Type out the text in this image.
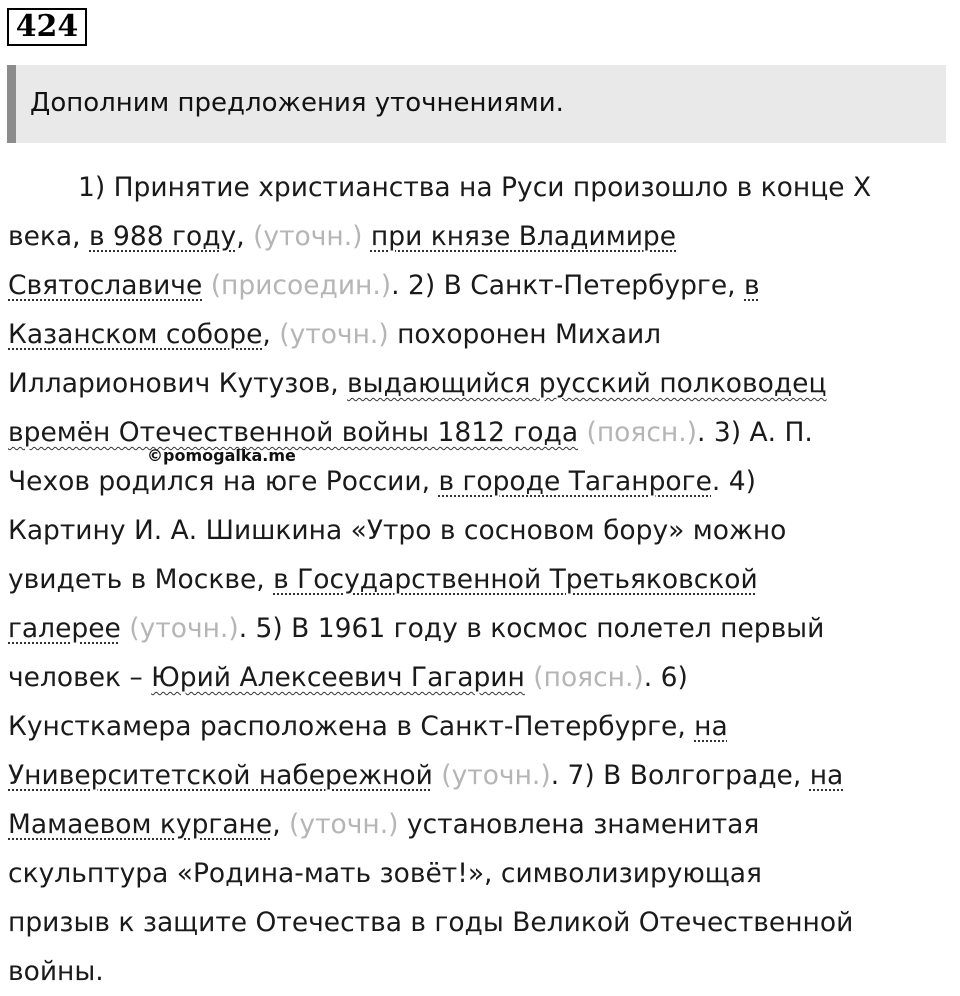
424
Дополним предложения уточнениями.
1) Принятие христианства на Руси произошло в конце X
века, в 988 году, (уточн.) при князе Владимире
Святославиче (присоедин.). 2) В Санкт-Петербурге, в
Казанском соборе, (уточн.) похоронен Михаил
Илларионович Кутузов, выдающийся русский полководец
времён Отечественной войны 1812 года (поясн.). 3) А. П.
Чехов родился на юге России, в городе Таганроге. 4)
Картину И. А. Шишкина «Утро в сосновом бору» можно
увидеть в Москве, в Государственной Третьяковской
галерее (уточн.). 5) В 1961 году в космос полетел первый
человек – Юрий Алексеевич Гагарин (поясн.). 6)
Кунсткамера расположена в Санкт-Петербурге, на
Университетской набережной (уточн.). 7) В Волгограде, на
Мамаевом кургане, (уточн.) установлена знаменитая
скульптура «Родина-мать зовёт!», символизирующая
призыв к защите Отечества в годы Великой Отечественной
войны.
©pomogalka.me
